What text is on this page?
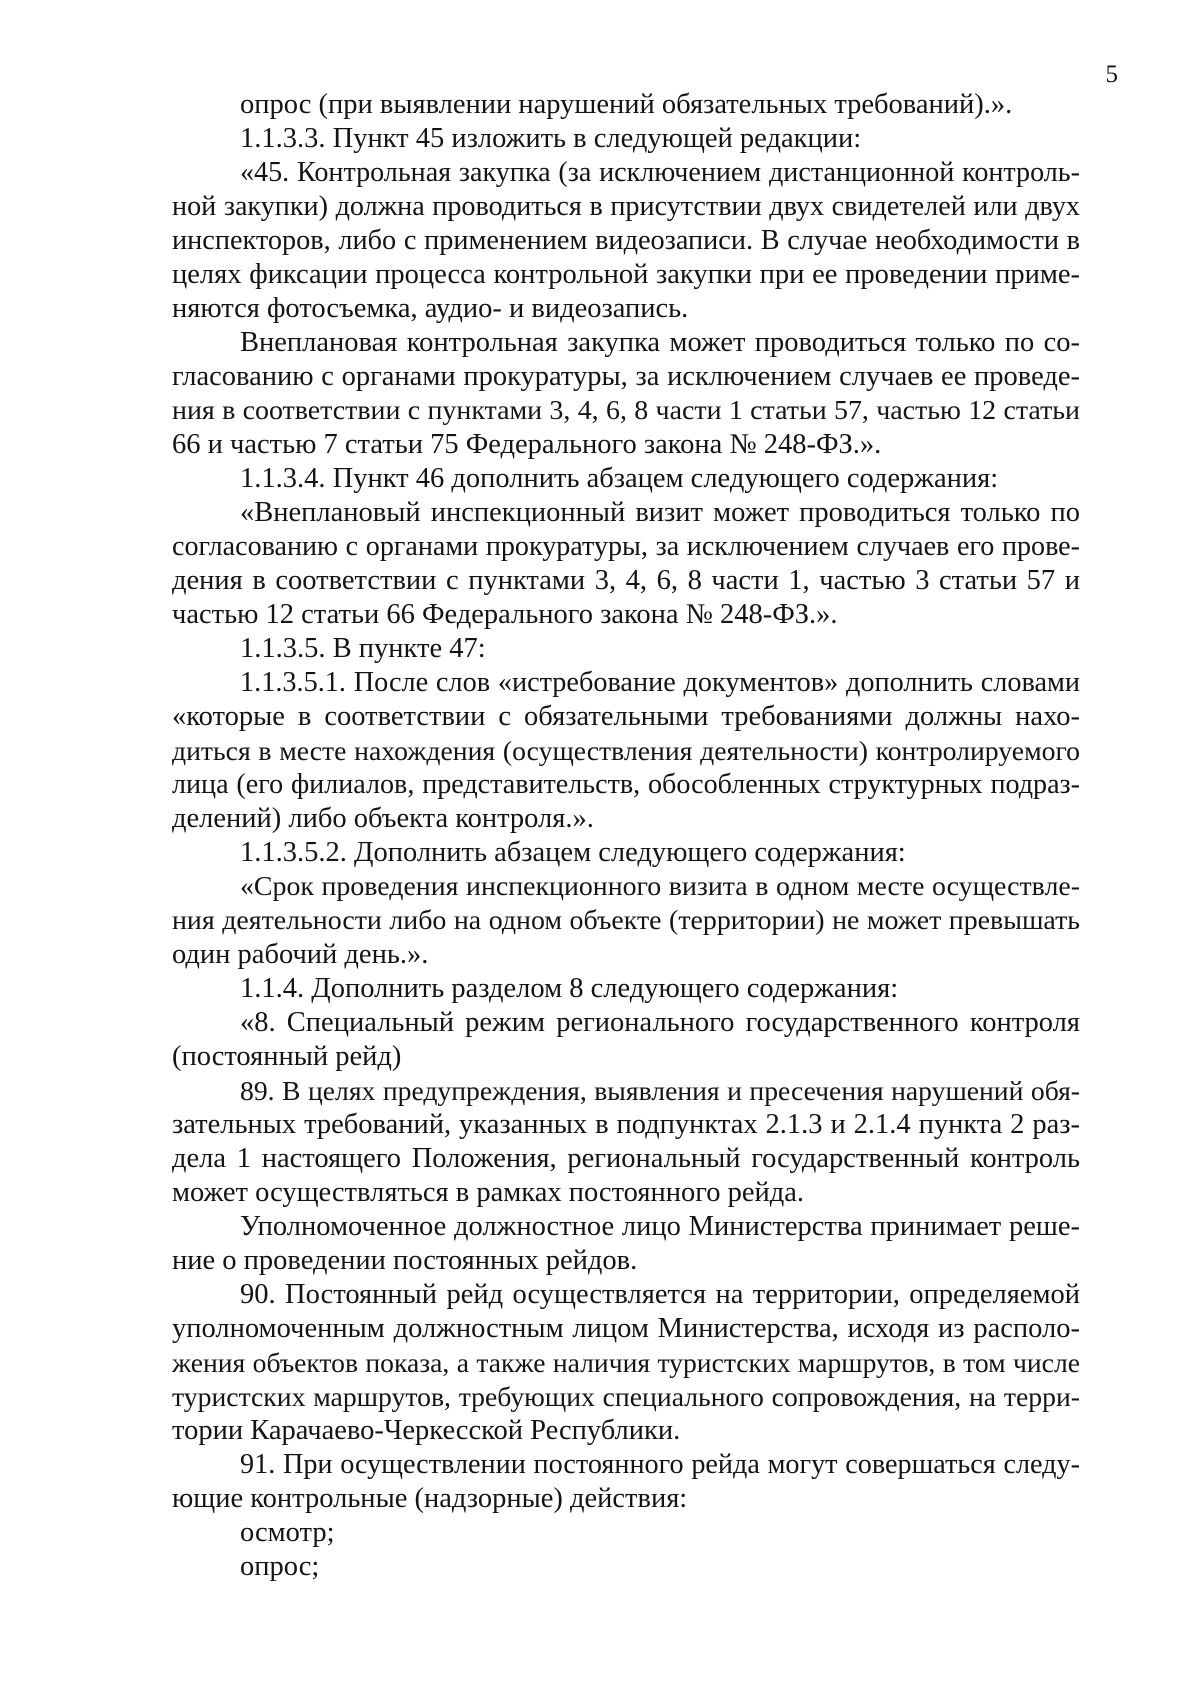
5
опрос (при выявлении нарушений обязательных требований).».
1.1.3.3. Пункт 45 изложить в следующей редакции:
«45. Контрольная закупка (за исключением дистанционной контроль-
ной закупки) должна проводиться в присутствии двух свидетелей или двух
инспекторов, либо с применением видеозаписи. В случае необходимости в
целях фиксации процесса контрольной закупки при ее проведении приме-
няются фотосъемка, аудио- и видеозапись.
Внеплановая контрольная закупка может проводиться только по со-
гласованию с органами прокуратуры, за исключением случаев ее проведе-
ния в соответствии с пунктами 3, 4, 6, 8 части 1 статьи 57, частью 12 статьи
66 и частью 7 статьи 75 Федерального закона № 248-ФЗ.».
1.1.3.4. Пункт 46 дополнить абзацем следующего содержания:
«Внеплановый инспекционный визит может проводиться только по
согласованию с органами прокуратуры, за исключением случаев его прове-
дения в соответствии с пунктами 3, 4, 6, 8 части 1, частью 3 статьи 57 и
частью 12 статьи 66 Федерального закона № 248-ФЗ.».
1.1.3.5. В пункте 47:
1.1.3.5.1. После слов «истребование документов» дополнить словами
«которые в соответствии с обязательными требованиями должны нахо-
диться в месте нахождения (осуществления деятельности) контролируемого
лица (его филиалов, представительств, обособленных структурных подраз-
делений) либо объекта контроля.».
1.1.3.5.2. Дополнить абзацем следующего содержания:
«Срок проведения инспекционного визита в одном месте осуществле-
ния деятельности либо на одном объекте (территории) не может превышать
один рабочий день.».
1.1.4. Дополнить разделом 8 следующего содержания:
«8. Специальный режим регионального государственного контроля
(постоянный рейд)
89. В целях предупреждения, выявления и пресечения нарушений обя-
зательных требований, указанных в подпунктах 2.1.3 и 2.1.4 пункта 2 раз-
дела 1 настоящего Положения, региональный государственный контроль
может осуществляться в рамках постоянного рейда.
Уполномоченное должностное лицо Министерства принимает реше-
ние о проведении постоянных рейдов.
90. Постоянный рейд осуществляется на территории, определяемой
уполномоченным должностным лицом Министерства, исходя из располо-
жения объектов показа, а также наличия туристских маршрутов, в том числе
туристских маршрутов, требующих специального сопровождения, на терри-
тории Карачаево-Черкесской Республики.
91. При осуществлении постоянного рейда могут совершаться следу-
ющие контрольные (надзорные) действия:
осмотр;
опрос;
